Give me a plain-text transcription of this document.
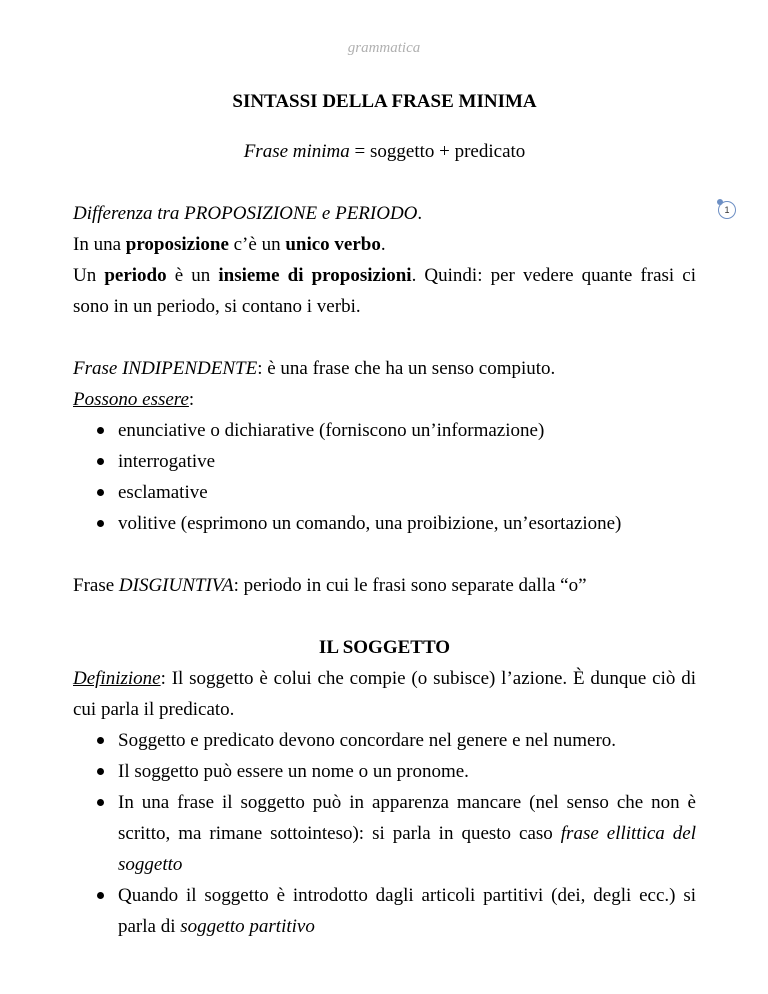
grammatica
1

SINTASSI DELLA FRASE MINIMA

Frase minima = soggetto + predicato

Differenza tra PROPOSIZIONE e PERIODO.

In una proposizione c’è un unico verbo.

Un periodo è un insieme di proposizioni. Quindi: per vedere quante frasi ci sono in un periodo, si contano i verbi.

Frase INDIPENDENTE: è una frase che ha un senso compiuto.

Possono essere:

enunciative o dichiarative (forniscono un’informazione)
interrogative
esclamative
volitive (esprimono un comando, una proibizione, un’esortazione)

Frase DISGIUNTIVA: periodo in cui le frasi sono separate dalla “o”

IL SOGGETTO

Definizione: Il soggetto è colui che compie (o subisce) l’azione. È dunque ciò di cui parla il predicato.

Soggetto e predicato devono concordare nel genere e nel numero.
Il soggetto può essere un nome o un pronome.
In una frase il soggetto può in apparenza mancare (nel senso che non è scritto, ma rimane sottointeso): si parla in questo caso frase ellittica del soggetto
Quando il soggetto è introdotto dagli articoli partitivi (dei, degli ecc.) si parla di soggetto partitivo
